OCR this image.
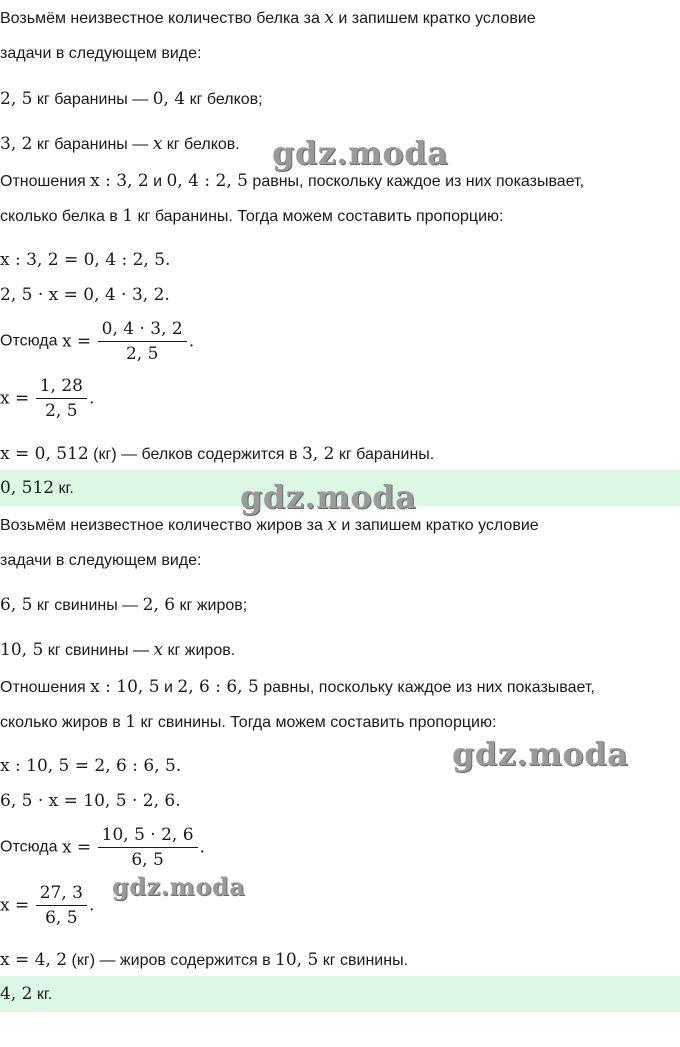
Возьмём неизвестное количество белка за x и запишем кратко условие
задачи в следующем виде:
2, 5 кг баранины — 0, 4 кг белков;
3, 2 кг баранины — x кг белков.
Отношения x : 3, 2 и 0, 4 : 2, 5 равны, поскольку каждое из них показывает,
сколько белка в 1 кг баранины. Тогда можем составить пропорцию:
x : 3, 2 = 0, 4 : 2, 5.
2, 5 · x = 0, 4 · 3, 2.
Отсюда $x = \frac{0, 4 \cdot 3, 2}{2, 5}$ .
$x = \frac{1, 28}{2, 5}$ .
x = 0, 512 (кг) — белков содержится в 3, 2 кг баранины.
0, 512 кг.
Возьмём неизвестное количество жиров за x и запишем кратко условие
задачи в следующем виде:
6, 5 кг свинины — 2, 6 кг жиров;
10, 5 кг свинины — x кг жиров.
Отношения x : 10, 5 и 2, 6 : 6, 5 равны, поскольку каждое из них показывает,
сколько жиров в 1 кг свинины. Тогда можем составить пропорцию:
x : 10, 5 = 2, 6 : 6, 5.
6, 5 · x = 10, 5 · 2, 6.
Отсюда $x = \frac{10, 5 \cdot 2, 6}{6, 5}$ .
$x = \frac{27, 3}{6, 5}$ .
x = 4, 2 (кг) — жиров содержится в 10, 5 кг свинины.
4, 2 кг.
gdz.moda
gdz.moda
gdz.moda
gdz.moda
